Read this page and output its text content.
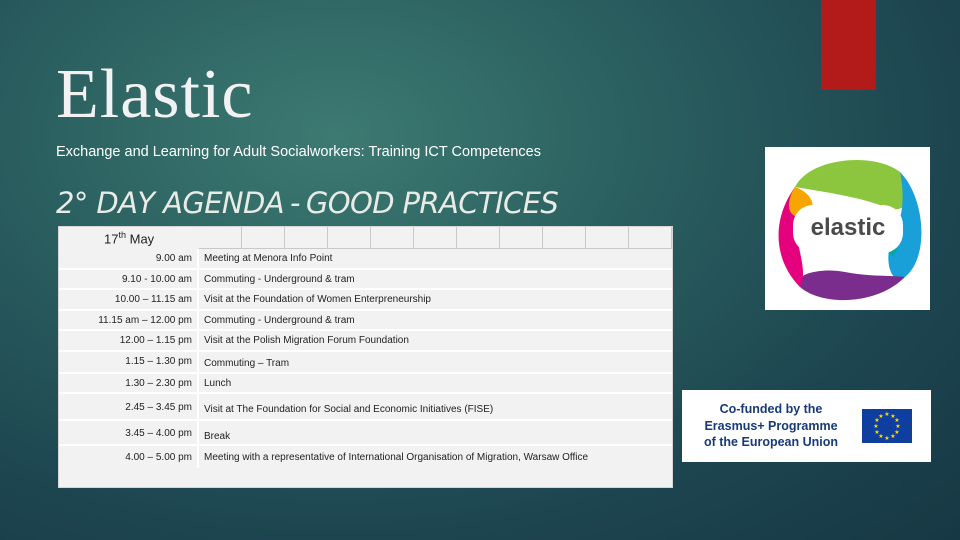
Elastic
Exchange and Learning for Adult Socialworkers: Training ICT Competences
2° DAY AGENDA - GOOD PRACTICES
17th May
9.00 am	Meeting at Menora Info Point
9.10 - 10.00 am	Commuting - Underground & tram
10.00 – 11.15 am	Visit at the Foundation of Women Enterpreneurship
11.15 am – 12.00 pm	Commuting - Underground & tram
12.00 – 1.15 pm	Visit at the Polish Migration Forum Foundation
1.15 – 1.30 pm	Commuting – Tram
1.30 – 2.30 pm	Lunch
2.45 – 3.45 pm	Visit at The Foundation for Social and Economic Initiatives (FISE)
3.45 – 4.00 pm	Break
4.00 – 5.00 pm	Meeting with a representative of International Organisation of Migration, Warsaw Office
elastic
Co-funded by the
Erasmus+ Programme
of the European Union
★ ★
★
★
★
★
★
★
★
★
★
★
